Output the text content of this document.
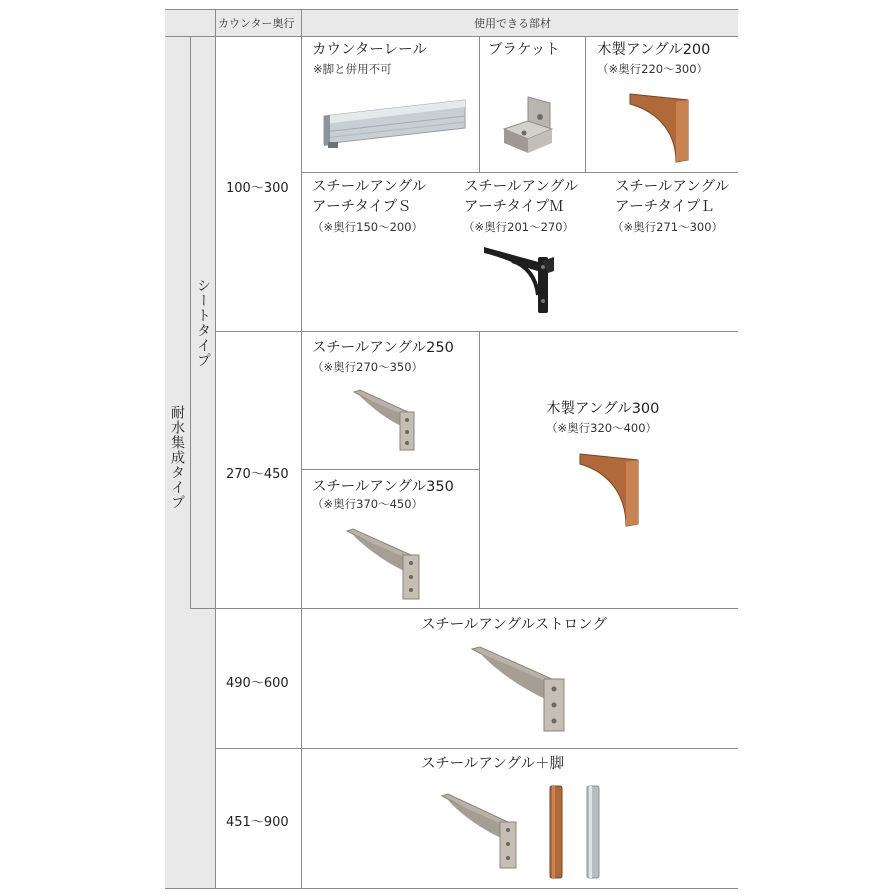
カウンター奥行	使用できる部材
耐水集成タイプ
シートタイプ
100〜300
270〜450
490〜600
451〜900
カウンターレール
※脚と併用不可
ブラケット	木製アングル200
（※奥行220〜300）
スチールアングル
アーチタイプＳ
（※奥行150〜200）
スチールアングル
アーチタイプＭ
（※奥行201〜270）
スチールアングル
アーチタイプＬ
（※奥行271〜300）
スチールアングル250
（※奥行270〜350）
スチールアングル350
（※奥行370〜450）
木製アングル300
（※奥行320〜400）
スチールアングルストロング
スチールアングル＋脚
